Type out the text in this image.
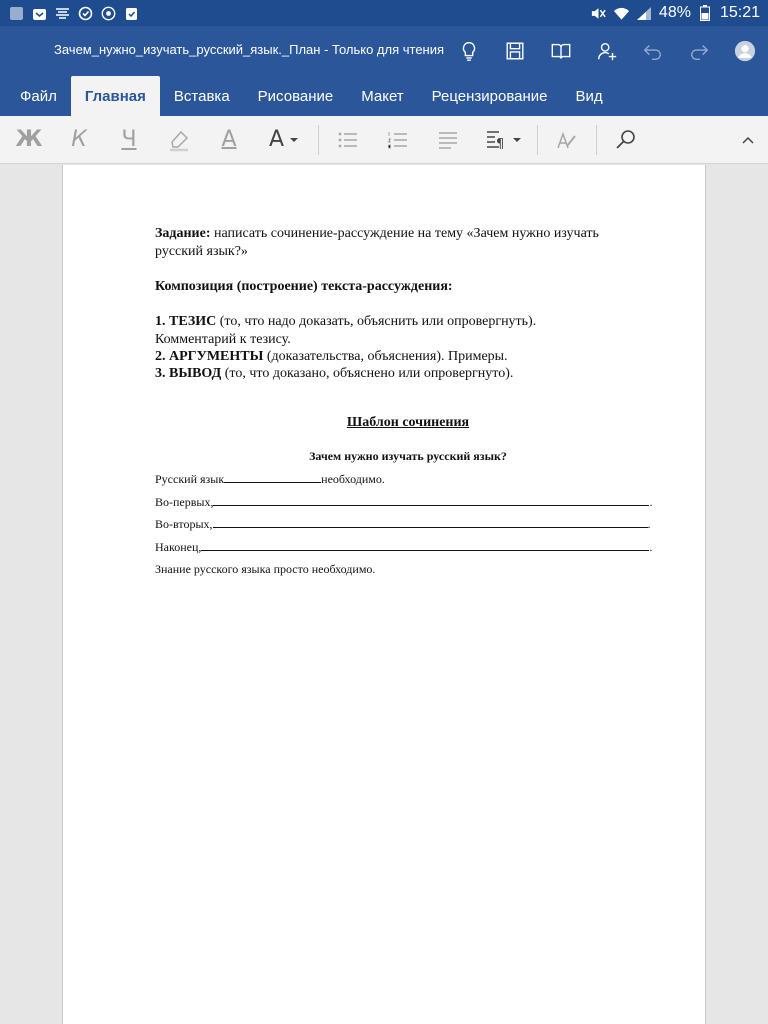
48% 15:21
Зачем_нужно_изучать_русский_язык._План - Только для чтения
Файл	Главная	Вставка	Рисование	Макет	Рецензирование	Вид
Ж	К	Ч	A	A	¶
Задание: написать сочинение-рассуждение на тему «Зачем нужно изучать
русский язык?»
Композиция (построение) текста-рассуждения:
1. ТЕЗИС (то, что надо доказать, объяснить или опровергнуть).
Комментарий к тезису.
2. АРГУМЕНТЫ (доказательства, объяснения). Примеры.
3. ВЫВОД (то, что доказано, объяснено или опровергнуто).
Шаблон сочинения
Зачем нужно изучать русский язык?
Русский язык	необходимо.
Во-первых,	.
Во-вторых,	.
Наконец,	.
Знание русского языка просто необходимо.
